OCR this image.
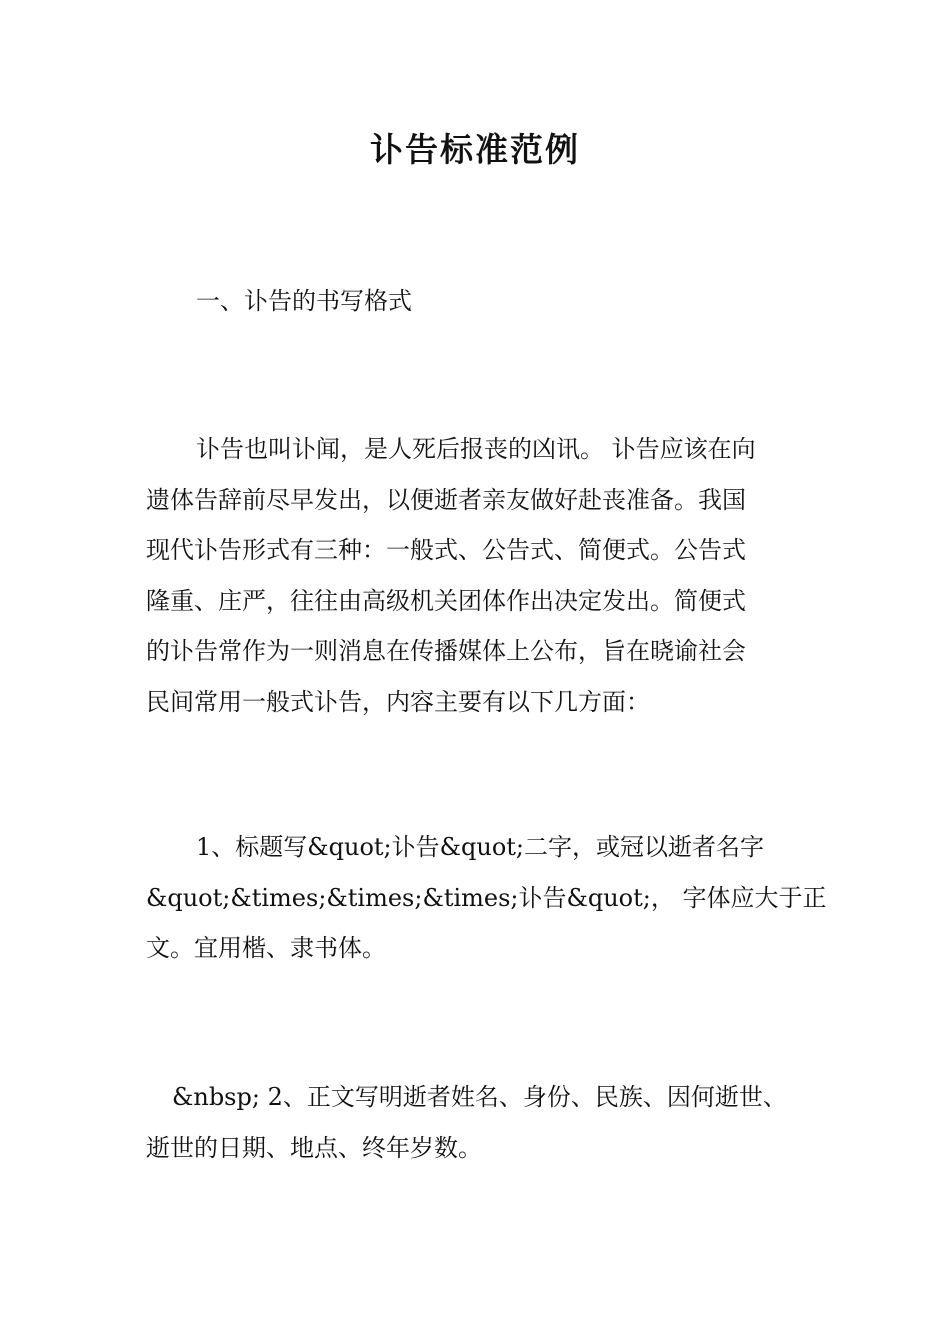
讣告标准范例
一、讣告的书写格式
讣告也叫讣闻，是人死后报丧的凶讯。 讣告应该在向
遗体告辞前尽早发出，以便逝者亲友做好赴丧准备。我国
现代讣告形式有三种：一般式、公告式、简便式。公告式
隆重、庄严，往往由高级机关团体作出决定发出。简便式
的讣告常作为一则消息在传播媒体上公布，旨在晓谕社会
民间常用一般式讣告，内容主要有以下几方面：
1、标题写&quot;讣告&quot;二字，或冠以逝者名字
&quot;&times;&times;&times;讣告&quot;， 字体应大于正
文。宜用楷、隶书体。
&nbsp; 2、正文写明逝者姓名、身份、民族、因何逝世、
逝世的日期、地点、终年岁数。
